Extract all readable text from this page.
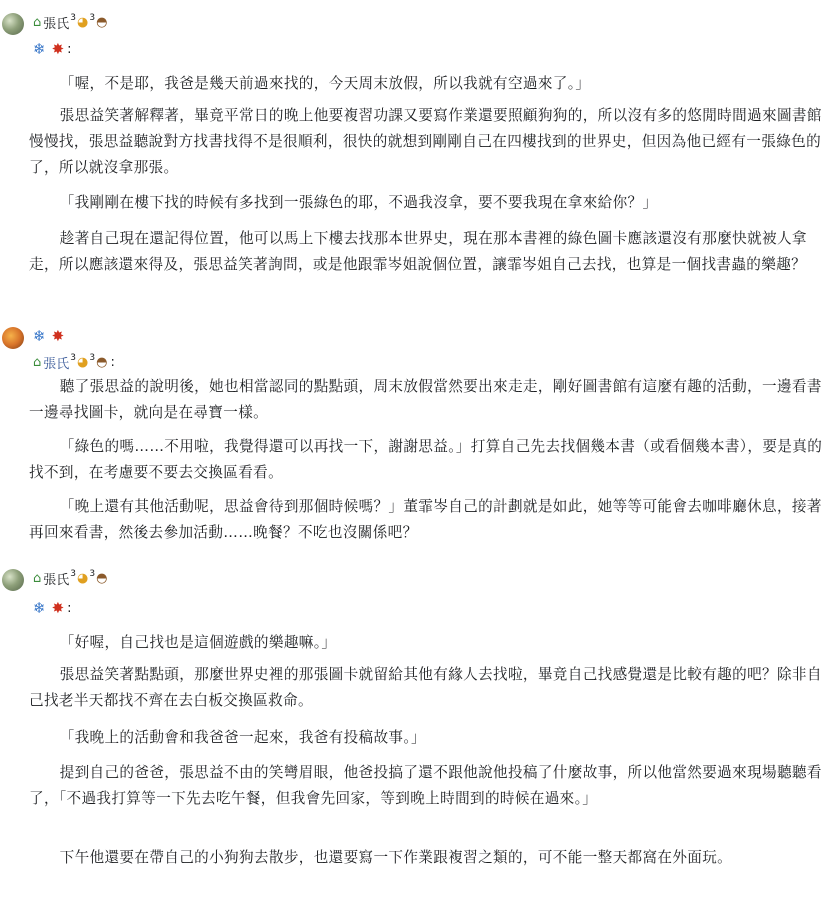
⌂ 張氏 3 ◕ 3 ◓
❄ ✸ :

「喔，不是耶，我爸是幾天前過來找的，今天周末放假，所以我就有空過來了。」

張思益笑著解釋著，畢竟平常日的晚上他要複習功課又要寫作業還要照顧狗狗的，所以沒有多的悠閒時間過來圖書館慢慢找，張思益聽說對方找書找得不是很順利，很快的就想到剛剛自己在四樓找到的世界史，但因為他已經有一張綠色的了，所以就沒拿那張。

「我剛剛在樓下找的時候有多找到一張綠色的耶，不過我沒拿，要不要我現在拿來給你？」

趁著自己現在還記得位置，他可以馬上下樓去找那本世界史，現在那本書裡的綠色圖卡應該還沒有那麼快就被人拿走，所以應該還來得及，張思益笑著詢問，或是他跟霏岑姐說個位置，讓霏岑姐自己去找，也算是一個找書蟲的樂趣？

❄ ✸
⌂ 張氏 3 ◕ 3 ◓ :

聽了張思益的說明後，她也相當認同的點點頭，周末放假當然要出來走走，剛好圖書館有這麼有趣的活動，一邊看書一邊尋找圖卡，就向是在尋寶一樣。

「綠色的嗎……不用啦，我覺得還可以再找一下，謝謝思益。」打算自己先去找個幾本書（或看個幾本書），要是真的找不到，在考慮要不要去交換區看看。

「晚上還有其他活動呢，思益會待到那個時候嗎？」董霏岑自己的計劃就是如此，她等等可能會去咖啡廳休息，接著再回來看書，然後去參加活動……晚餐？不吃也沒關係吧？

⌂ 張氏 3 ◕ 3 ◓
❄ ✸ :

「好喔，自己找也是這個遊戲的樂趣嘛。」

張思益笑著點點頭，那麼世界史裡的那張圖卡就留給其他有緣人去找啦，畢竟自己找感覺還是比較有趣的吧？除非自己找老半天都找不齊在去白板交換區救命。

「我晚上的活動會和我爸爸一起來，我爸有投稿故事。」

提到自己的爸爸，張思益不由的笑彎眉眼，他爸投搞了還不跟他說他投稿了什麼故事，所以他當然要過來現場聽聽看了，「不過我打算等一下先去吃午餐，但我會先回家，等到晚上時間到的時候在過來。」

下午他還要在帶自己的小狗狗去散步，也還要寫一下作業跟複習之類的，可不能一整天都窩在外面玩。
